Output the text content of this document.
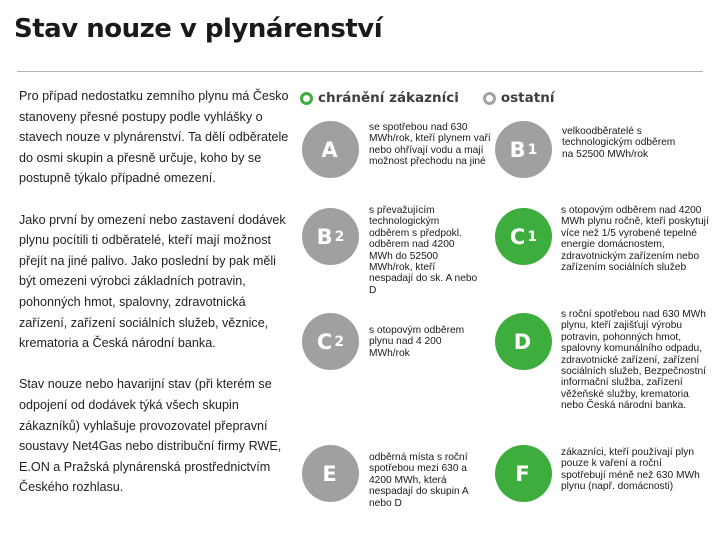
Stav nouze v plynárenství

Pro případ nedostatku zemního plynu má Česko stanoveny přesné postupy podle vyhlášky o stavech nouze v plynárenství. Ta dělí odběratele do osmi skupin a přesně určuje, koho by se postupně týkalo případné omezení.

Jako první by omezení nebo zastavení dodávek plynu pocítili ti odběratelé, kteří mají možnost přejít na jiné palivo. Jako poslední by pak měli být omezeni výrobci základních potravin, pohonných hmot, spalovny, zdravotnická zařízení, zařízení sociálních služeb, věznice, krematoria a Česká národní banka.

Stav nouze nebo havarijní stav (při kterém se odpojení od dodávek týká všech skupin zákazníků) vyhlašuje provozovatel přepravní soustavy Net4Gas nebo distribuční firmy RWE, E.ON a Pražská plynárenská prostřednictvím Českého rozhlasu.

chránění zákazníci	ostatní
A
se spotřebou nad 630 MWh/rok, kteří plynem vaří nebo ohřívají vodu a mají možnost přechodu na jiné
B 1
velkoodběratelé s technologickým odběrem na 52500 MWh/rok
B 2
s převažujícím technologickým odběrem s předpokl. odběrem nad 4200 MWh do 52500 MWh/rok, kteří nespadají do sk. A nebo D
C 1
s otopovým odběrem nad 4200 MWh plynu ročně, kteří poskytují více než 1/5 vyrobené tepelné energie domácnostem, zdravotnickým zařízením nebo zařízením sociálních služeb
C 2
s otopovým odběrem plynu nad 4 200 MWh/rok	D
s roční spotřebou nad 630 MWh plynu, kteří zajišťují výrobu potravin, pohonných hmot, spalovny komunálního odpadu, zdravotnické zařízení, zařízení sociálních služeb, Bezpečnostní informační služba, zařízení věžeňské služby, krematoria nebo Česká národní banka.
E
odběrná místa s roční spotřebou mezi 630 a 4200 MWh, která nespadají do skupin A nebo D
F
zákazníci, kteří používají plyn pouze k vaření a roční spotřebují méně než 630 MWh plynu (např. domácnosti)
